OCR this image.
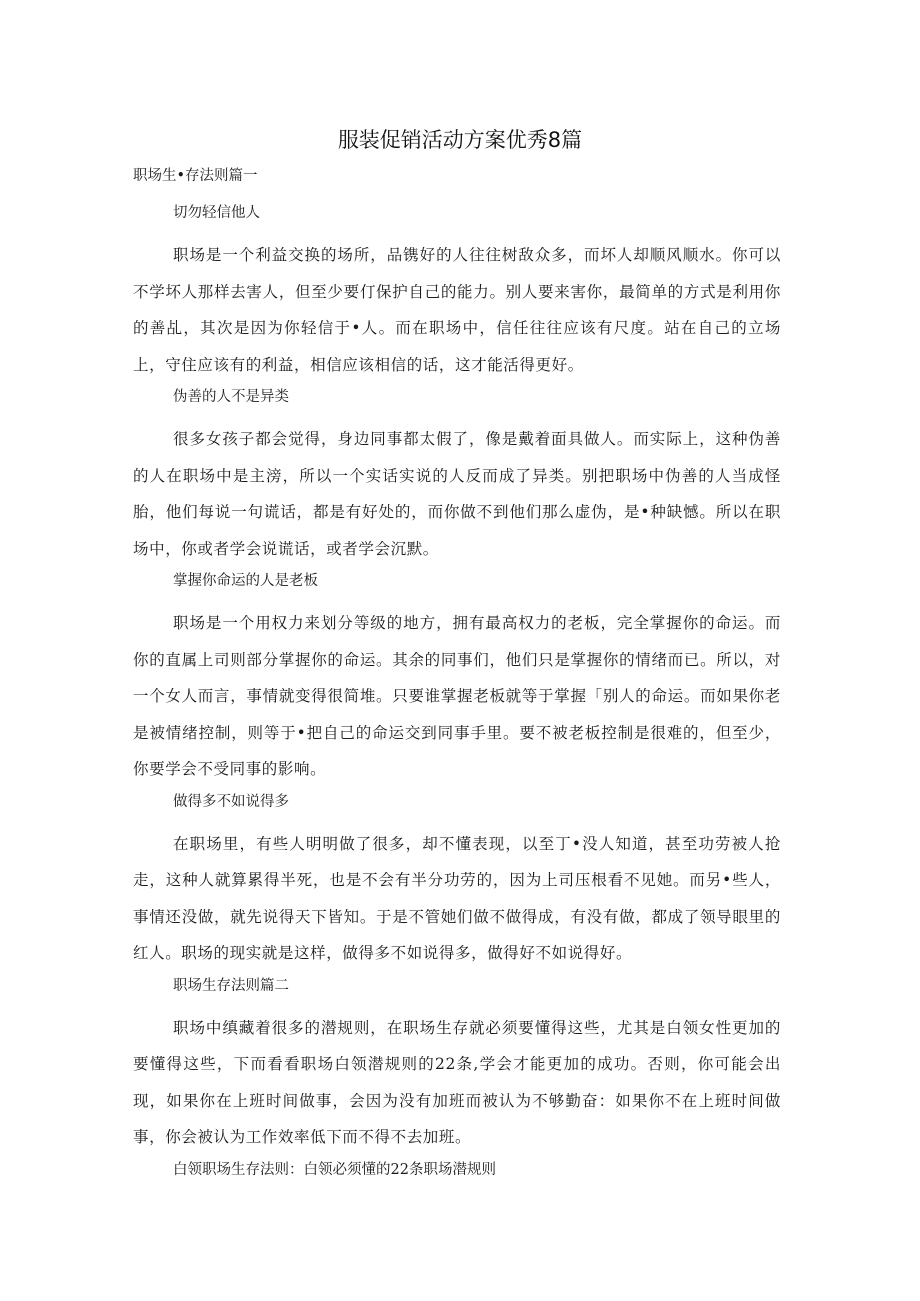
服装促销活动方案优秀8篇

职场生•存法则篇一

切勿轻信他人

职场是一个利益交换的场所，品镌好的人往往树敌众多，而坏人却顺风顺水。你可以不学坏人那样去害人，但至少要仃保护自己的能力。别人要来害你，最简单的方式是利用你的善乩，其次是因为你轻信于•人。而在职场中，信任往往应该有尺度。站在自己的立场上，守住应该有的利益，相信应该相信的话，这才能活得更好。

伪善的人不是异类

很多女孩子都会觉得，身边同事都太假了，像是戴着面具做人。而实际上，这种伪善的人在职场中是主滂，所以一个实话实说的人反而成了异类。别把职场中伪善的人当成怪胎，他们每说一句谎话，都是有好处的，而你做不到他们那么虚伪，是•种缺憾。所以在职场中，你或者学会说谎话，或者学会沉默。

掌握你命运的人是老板

职场是一个用权力来划分等级的地方，拥有最高权力的老板，完全掌握你的命运。而你的直属上司则部分掌握你的命运。其余的同事们，他们只是掌握你的情绪而已。所以，对一个女人而言，事情就变得很简堆。只要谁掌握老板就等于掌握「别人的命运。而如果你老是被情绪控制，则等于•把自己的命运交到同事手里。要不被老板控制是很难的，但至少，你要学会不受同事的影响。

做得多不如说得多

在职场里，有些人明明做了很多，却不懂表现，以至丁•没人知道，甚至功劳被人抢走，这种人就算累得半死，也是不会有半分功劳的，因为上司压根看不见她。而另•些人，事情还没做，就先说得天下皆知。于是不管她们做不做得成，有没有做，都成了领导眼里的红人。职场的现实就是这样，做得多不如说得多，做得好不如说得好。

职场生存法则篇二

职场中缜藏着很多的潜规则，在职场生存就必须要懂得这些，尤其是白领女性更加的要懂得这些，下而看看职场白领潜规则的22条,学会才能更加的成功。否则，你可能会出现，如果你在上班时间做事，会因为没有加班而被认为不够勤奋：如果你不在上班时间做事，你会被认为工作效率低下而不得不去加班。

白领职场生存法则：白领必须懂的22条职场潜规则
